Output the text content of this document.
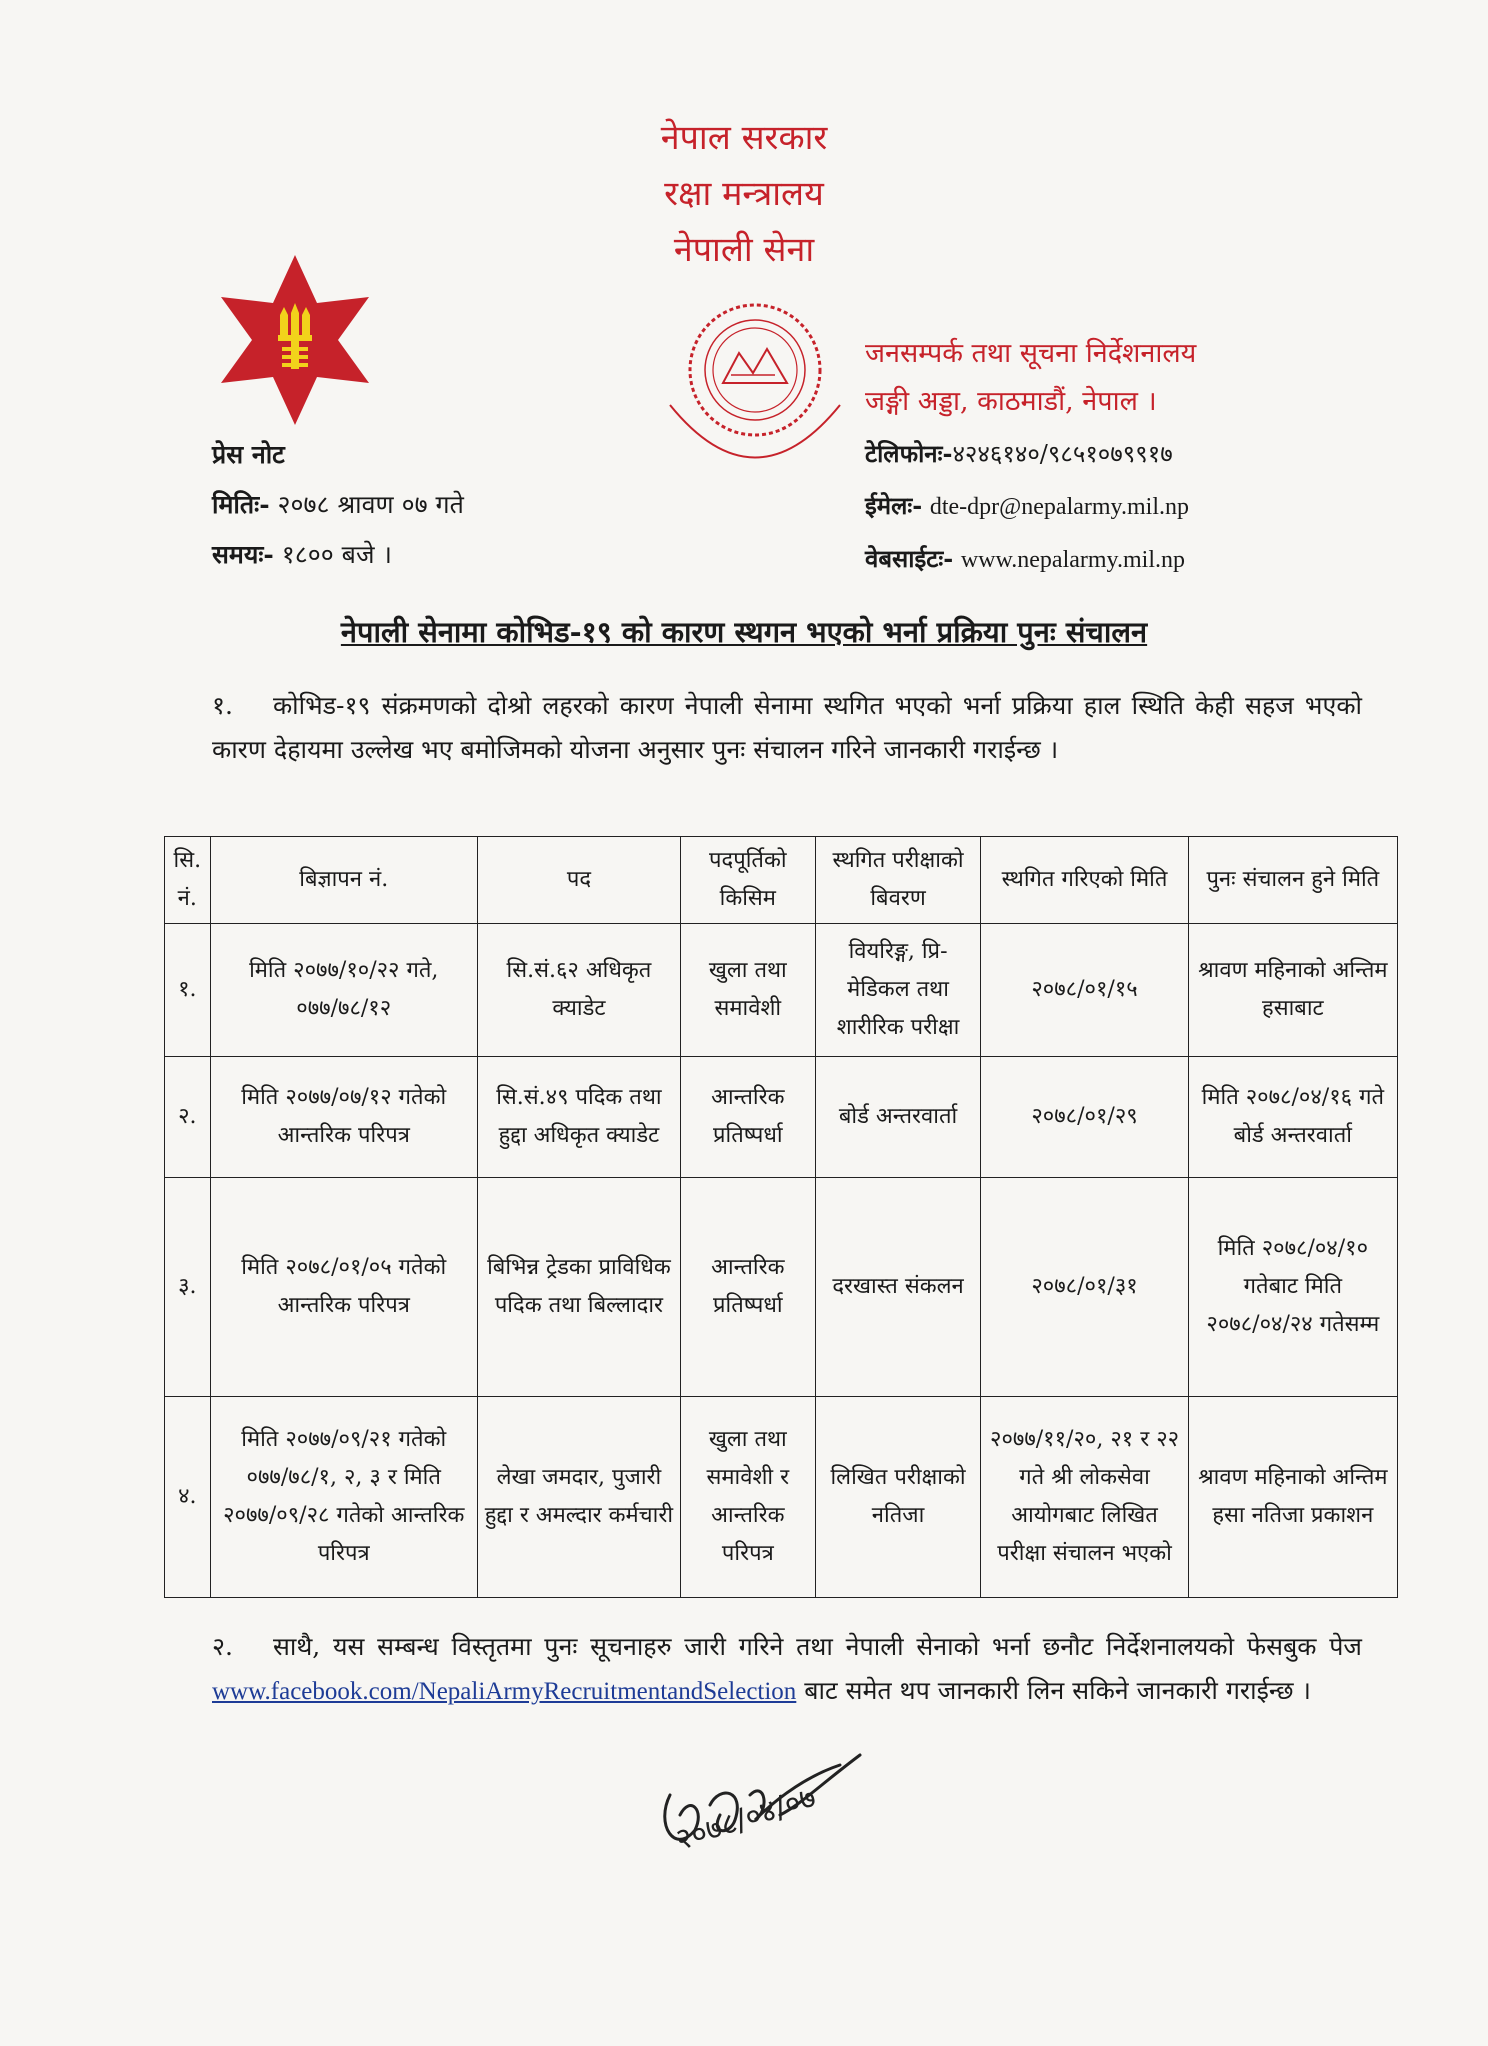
नेपाल सरकार

रक्षा मन्त्रालय

नेपाली सेना

जनसम्पर्क तथा सूचना निर्देशनालय
जङ्गी अड्डा, काठमाडौं, नेपाल ।
टेलिफोनः-४२४६१४०/९८५१०७९९१७
ईमेलः- dte-dpr@nepalarmy.mil.np
वेबसाईटः- www.nepalarmy.mil.np
प्रेस नोट
मितिः- २०७८ श्रावण ०७ गते
समयः- १८०० बजे ।
नेपाली सेनामा कोभिड-१९ को कारण स्थगन भएको भर्ना प्रक्रिया पुनः संचालन
१. कोभिड-१९ संक्रमणको दोश्रो लहरको कारण नेपाली सेनामा स्थगित भएको भर्ना प्रक्रिया हाल स्थिति केही सहज भएको कारण देहायमा उल्लेख भए बमोजिमको योजना अनुसार पुनः संचालन गरिने जानकारी गराईन्छ ।
सि. नं.	बिज्ञापन नं.	पद	पदपूर्तिको किसिम	स्थगित परीक्षाको बिवरण	स्थगित गरिएको मिति	पुनः संचालन हुने मिति
१.	मिति २०७७/१०/२२ गते, ०७७/७८/१२	सि.सं.६२ अधिकृत क्याडेट	खुला तथा समावेशी	वियरिङ्ग, प्रि-मेडिकल तथा शारीरिक परीक्षा	२०७८/०१/१५	श्रावण महिनाको अन्तिम हसाबाट
२.	मिति २०७७/०७/१२ गतेको आन्तरिक परिपत्र	सि.सं.४९ पदिक तथा हुद्दा अधिकृत क्याडेट	आन्तरिक प्रतिष्पर्धा	बोर्ड अन्तरवार्ता	२०७८/०१/२९	मिति २०७८/०४/१६ गते बोर्ड अन्तरवार्ता
३.	मिति २०७८/०१/०५ गतेको आन्तरिक परिपत्र	बिभिन्न ट्रेडका प्राविधिक पदिक तथा बिल्लादार	आन्तरिक प्रतिष्पर्धा	दरखास्त संकलन	२०७८/०१/३१	मिति २०७८/०४/१० गतेबाट मिति २०७८/०४/२४ गतेसम्म
४.	मिति २०७७/०९/२१ गतेको ०७७/७८/१, २, ३ र मिति २०७७/०९/२८ गतेको आन्तरिक परिपत्र	लेखा जमदार, पुजारी हुद्दा र अमल्दार कर्मचारी	खुला तथा समावेशी र आन्तरिक परिपत्र	लिखित परीक्षाको नतिजा	२०७७/११/२०, २१ र २२ गते श्री लोकसेवा आयोगबाट लिखित परीक्षा संचालन भएको	श्रावण महिनाको अन्तिम हसा नतिजा प्रकाशन
२. साथै, यस सम्बन्ध विस्तृतमा पुनः सूचनाहरु जारी गरिने तथा नेपाली सेनाको भर्ना छनौट निर्देशनालयको फेसबुक पेज www.facebook.com/NepaliArmyRecruitmentandSelection बाट समेत थप जानकारी लिन सकिने जानकारी गराईन्छ ।
२०७८/०४/०७
